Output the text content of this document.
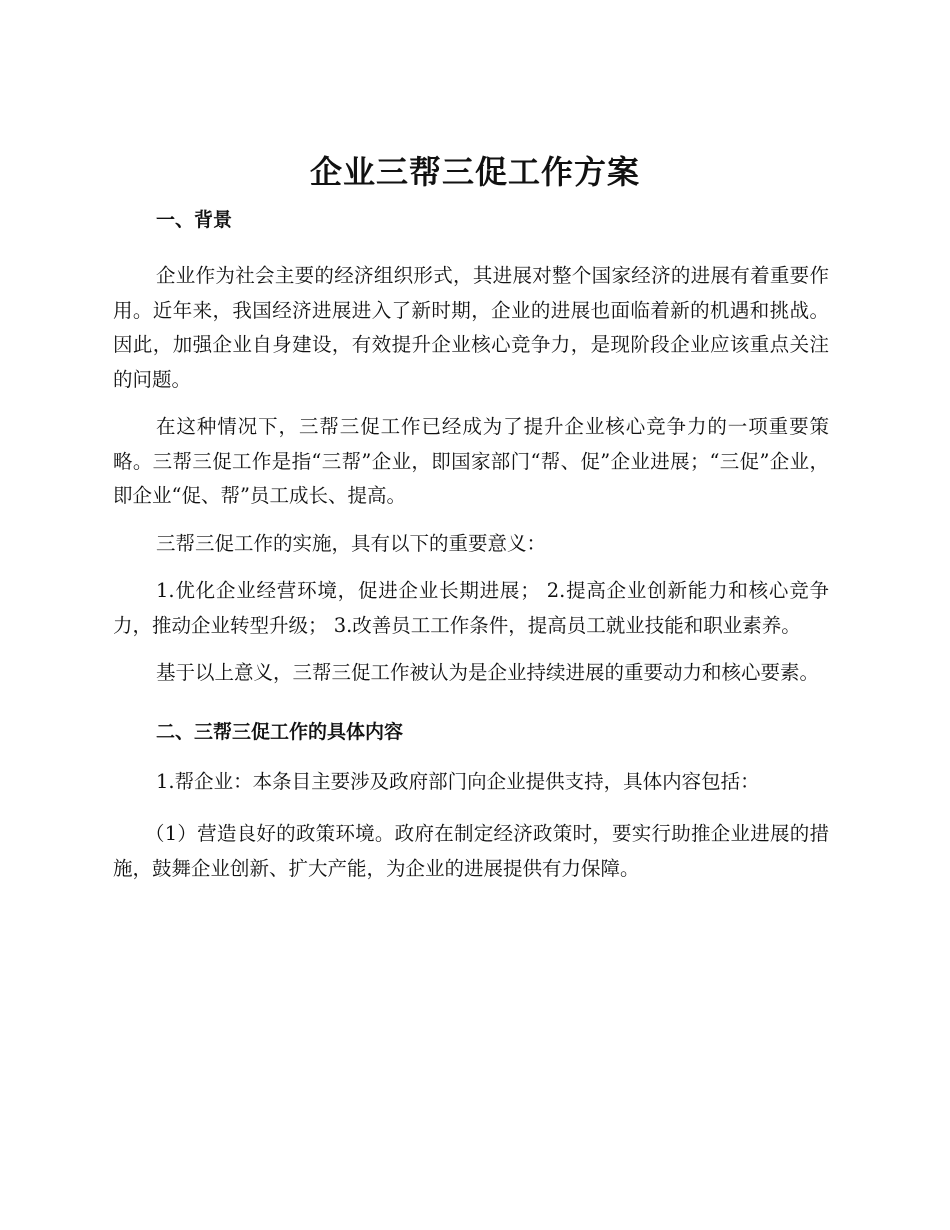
企业三帮三促工作方案
一、背景

企业作为社会主要的经济组织形式，其进展对整个国家经济的进展有着重要作用。近年来，我国经济进展进入了新时期，企业的进展也面临着新的机遇和挑战。因此，加强企业自身建设，有效提升企业核心竞争力，是现阶段企业应该重点关注的问题。

在这种情况下，三帮三促工作已经成为了提升企业核心竞争力的一项重要策略。三帮三促工作是指“三帮”企业，即国家部门“帮、促”企业进展；“三促”企业，即企业“促、帮”员工成长、提高。

三帮三促工作的实施，具有以下的重要意义：

1.优化企业经营环境，促进企业长期进展； 2.提高企业创新能力和核心竞争力，推动企业转型升级； 3.改善员工工作条件，提高员工就业技能和职业素养。

基于以上意义，三帮三促工作被认为是企业持续进展的重要动力和核心要素。

二、三帮三促工作的具体内容

1.帮企业：本条目主要涉及政府部门向企业提供支持，具体内容包括：

（1）营造良好的政策环境。政府在制定经济政策时，要实行助推企业进展的措施，鼓舞企业创新、扩大产能，为企业的进展提供有力保障。
